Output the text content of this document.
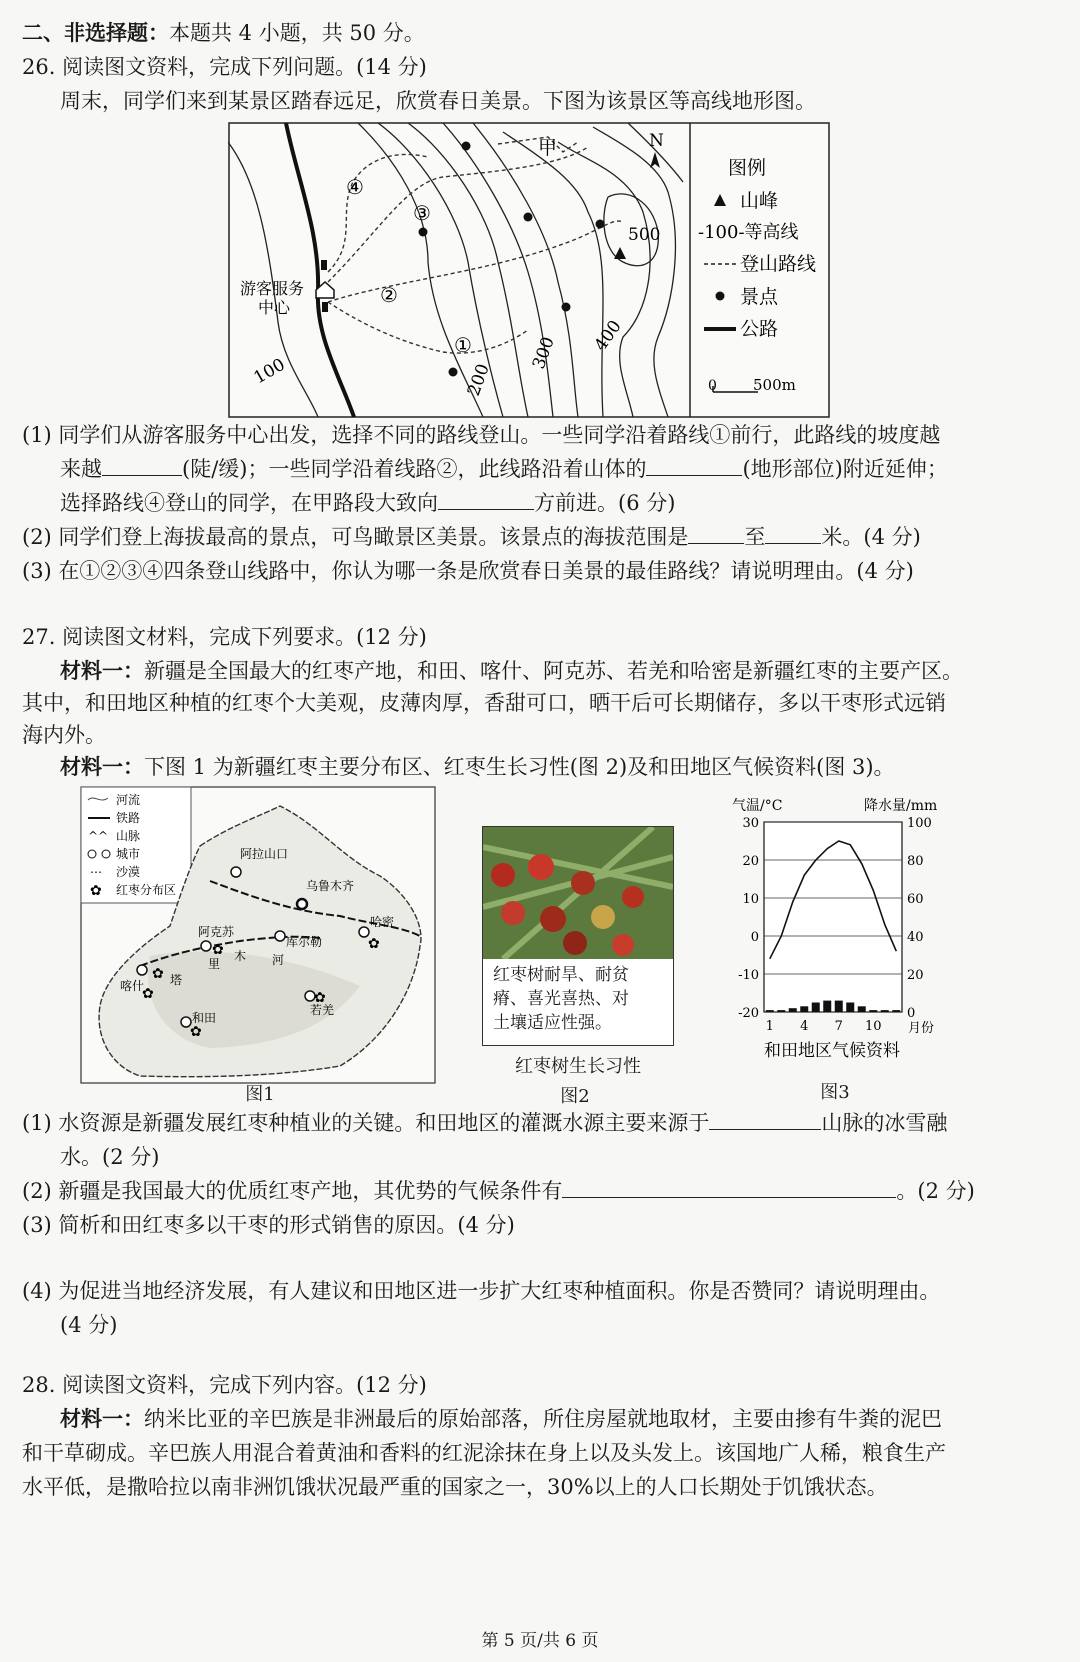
二、非选择题：本题共 4 小题，共 50 分。
26. 阅读图文资料，完成下列问题。(14 分)
周末，同学们来到某景区踏春远足，欣赏春日美景。下图为该景区等高线地形图。
甲	N
④
③
②
①
游客服务
中心
100	200
300 400
500
图例
山峰
-100-等高线
登山路线
景点
公路
0 500m
(1) 同学们从游客服务中心出发，选择不同的路线登山。一些同学沿着路线①前行，此路线的坡度越
来越	(陡/缓)；一些同学沿着线路②，此线路沿着山体的	(地形部位)附近延伸；
选择路线④登山的同学，在甲路段大致向	方前进。(6 分)
(2) 同学们登上海拔最高的景点，可鸟瞰景区美景。该景点的海拔范围是	至	米。(4 分)
(3) 在①②③④四条登山线路中，你认为哪一条是欣赏春日美景的最佳路线？请说明理由。(4 分)
27. 阅读图文材料，完成下列要求。(12 分)
材料一：新疆是全国最大的红枣产地，和田、喀什、阿克苏、若羌和哈密是新疆红枣的主要产区。
其中，和田地区种植的红枣个大美观，皮薄肉厚，香甜可口，晒干后可长期储存，多以干枣形式远销
海内外。
材料一：下图 1 为新疆红枣主要分布区、红枣生长习性(图 2)及和田地区气候资料(图 3)。
河流
铁路
山脉
城市
沙漠
红枣分布区
^^
⋯
✿
✿
✿
✿
✿
✿
✿
阿拉山口
乌鲁木齐
哈密
阿克苏
库尔勒
喀什
和田
若羌
塔
里
木 河
图1
红枣树耐旱、耐贫
瘠、喜光喜热、对
土壤适应性强。
红枣树生长习性
图2
气温/°C	降水量/mm
30
20
10
0
-10
-20
100
80
60
40
20
0
1 4 7 10 月份
和田地区气候资料
图3
(1) 水资源是新疆发展红枣种植业的关键。和田地区的灌溉水源主要来源于	山脉的冰雪融
水。(2 分)
(2) 新疆是我国最大的优质红枣产地，其优势的气候条件有	。(2 分)
(3) 简析和田红枣多以干枣的形式销售的原因。(4 分)
(4) 为促进当地经济发展，有人建议和田地区进一步扩大红枣种植面积。你是否赞同？请说明理由。
(4 分)
28. 阅读图文资料，完成下列内容。(12 分)
材料一：纳米比亚的辛巴族是非洲最后的原始部落，所住房屋就地取材，主要由掺有牛粪的泥巴
和干草砌成。辛巴族人用混合着黄油和香料的红泥涂抹在身上以及头发上。该国地广人稀，粮食生产
水平低，是撒哈拉以南非洲饥饿状况最严重的国家之一，30%以上的人口长期处于饥饿状态。
第 5 页/共 6 页
